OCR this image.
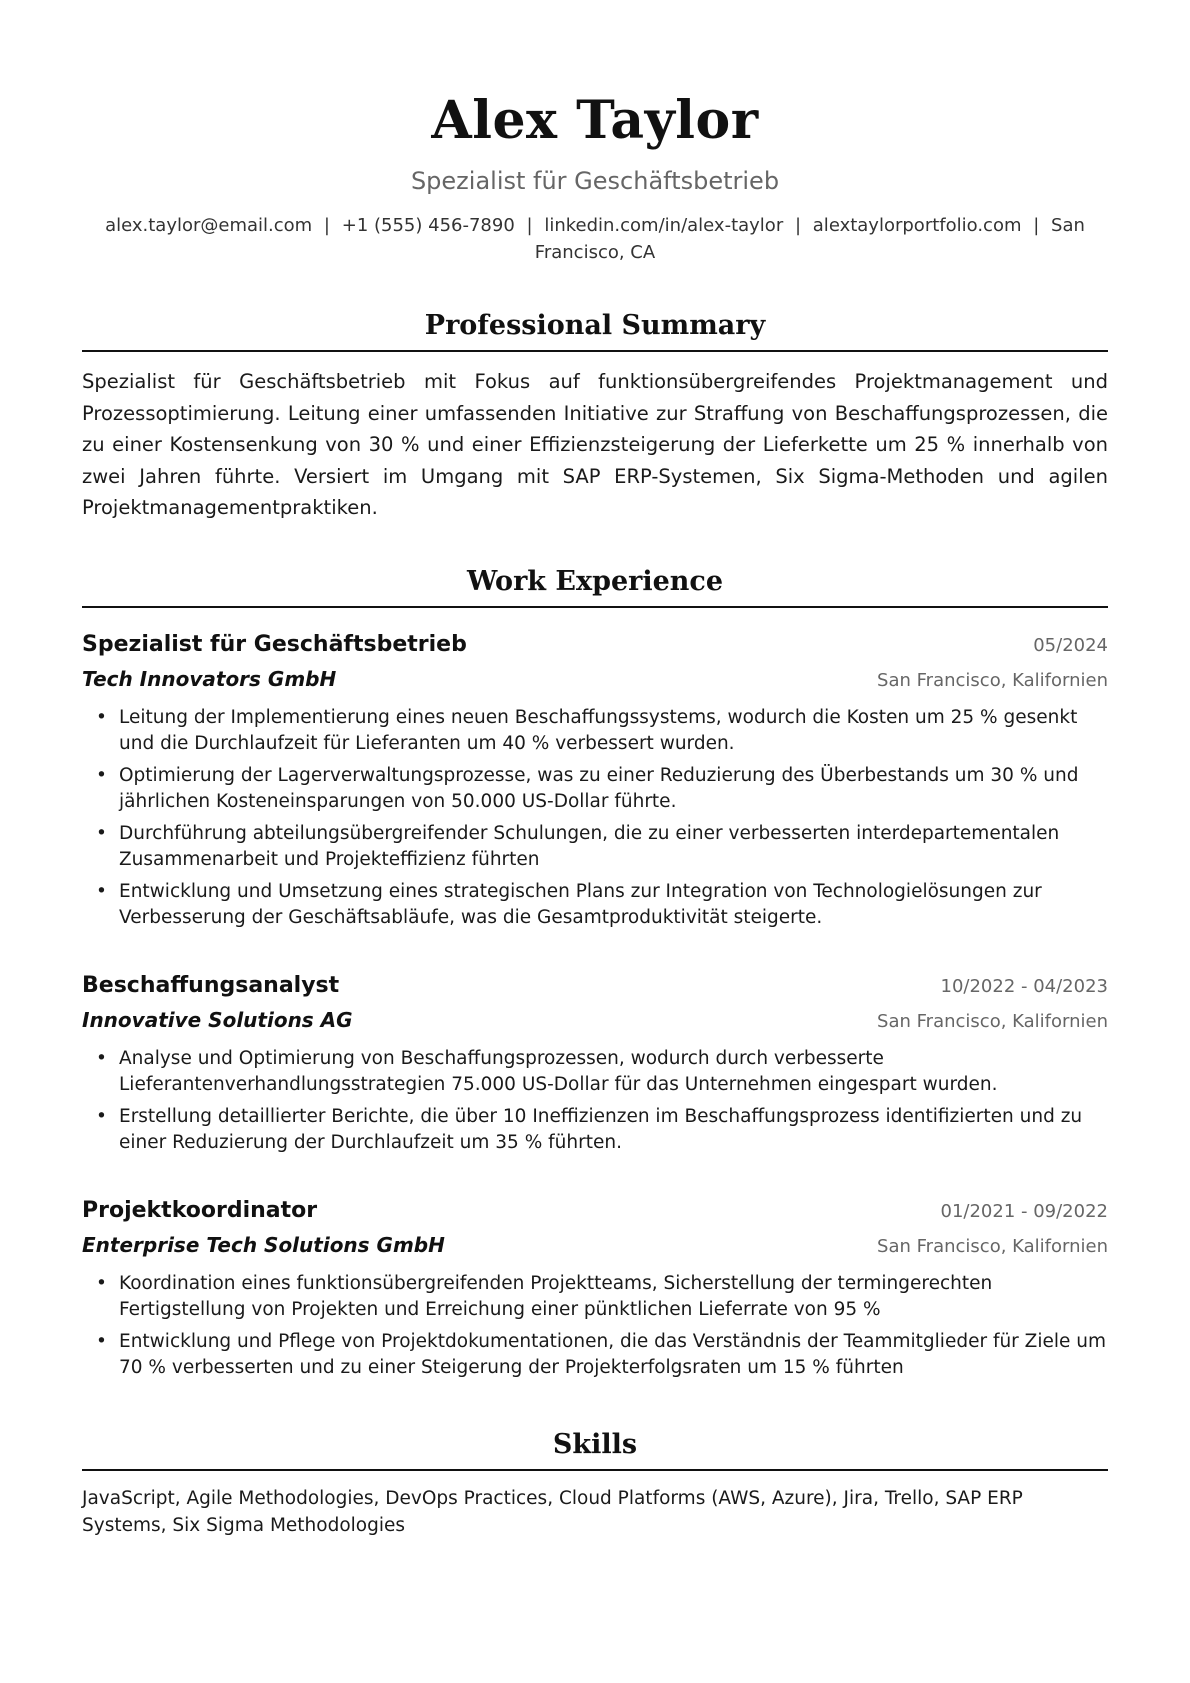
Alex Taylor
Spezialist für Geschäftsbetrieb
alex.taylor@email.com | +1 (555) 456-7890 | linkedin.com/in/alex-taylor | alextaylorportfolio.com | San Francisco, CA
Professional Summary
Spezialist für Geschäftsbetrieb mit Fokus auf funktionsübergreifendes Projektmanagement und Prozessoptimierung. Leitung einer umfassenden Initiative zur Straffung von Beschaffungsprozessen, die zu einer Kostensenkung von 30 % und einer Effizienzsteigerung der Lieferkette um 25 % innerhalb von zwei Jahren führte. Versiert im Umgang mit SAP ERP-Systemen, Six Sigma-Methoden und agilen Projektmanagementpraktiken.
Work Experience
Spezialist für Geschäftsbetrieb	05/2024
Tech Innovators GmbH	San Francisco, Kalifornien
• Leitung der Implementierung eines neuen Beschaffungssystems, wodurch die Kosten um 25 % gesenkt und die Durchlaufzeit für Lieferanten um 40 % verbessert wurden.
• Optimierung der Lagerverwaltungsprozesse, was zu einer Reduzierung des Überbestands um 30 % und jährlichen Kosteneinsparungen von 50.000 US-Dollar führte.
• Durchführung abteilungsübergreifender Schulungen, die zu einer verbesserten interdepartementalen Zusammenarbeit und Projekteffizienz führten
• Entwicklung und Umsetzung eines strategischen Plans zur Integration von Technologielösungen zur Verbesserung der Geschäftsabläufe, was die Gesamtproduktivität steigerte.
Beschaffungsanalyst	10/2022 - 04/2023
Innovative Solutions AG	San Francisco, Kalifornien
• Analyse und Optimierung von Beschaffungsprozessen, wodurch durch verbesserte Lieferantenverhandlungsstrategien 75.000 US-Dollar für das Unternehmen eingespart wurden.
• Erstellung detaillierter Berichte, die über 10 Ineffizienzen im Beschaffungsprozess identifizierten und zu einer Reduzierung der Durchlaufzeit um 35 % führten.
Projektkoordinator	01/2021 - 09/2022
Enterprise Tech Solutions GmbH	San Francisco, Kalifornien
• Koordination eines funktionsübergreifenden Projektteams, Sicherstellung der termingerechten Fertigstellung von Projekten und Erreichung einer pünktlichen Lieferrate von 95 %
• Entwicklung und Pflege von Projektdokumentationen, die das Verständnis der Teammitglieder für Ziele um 70 % verbesserten und zu einer Steigerung der Projekterfolgsraten um 15 % führten
Skills
JavaScript, Agile Methodologies, DevOps Practices, Cloud Platforms (AWS, Azure), Jira, Trello, SAP ERP Systems, Six Sigma Methodologies
